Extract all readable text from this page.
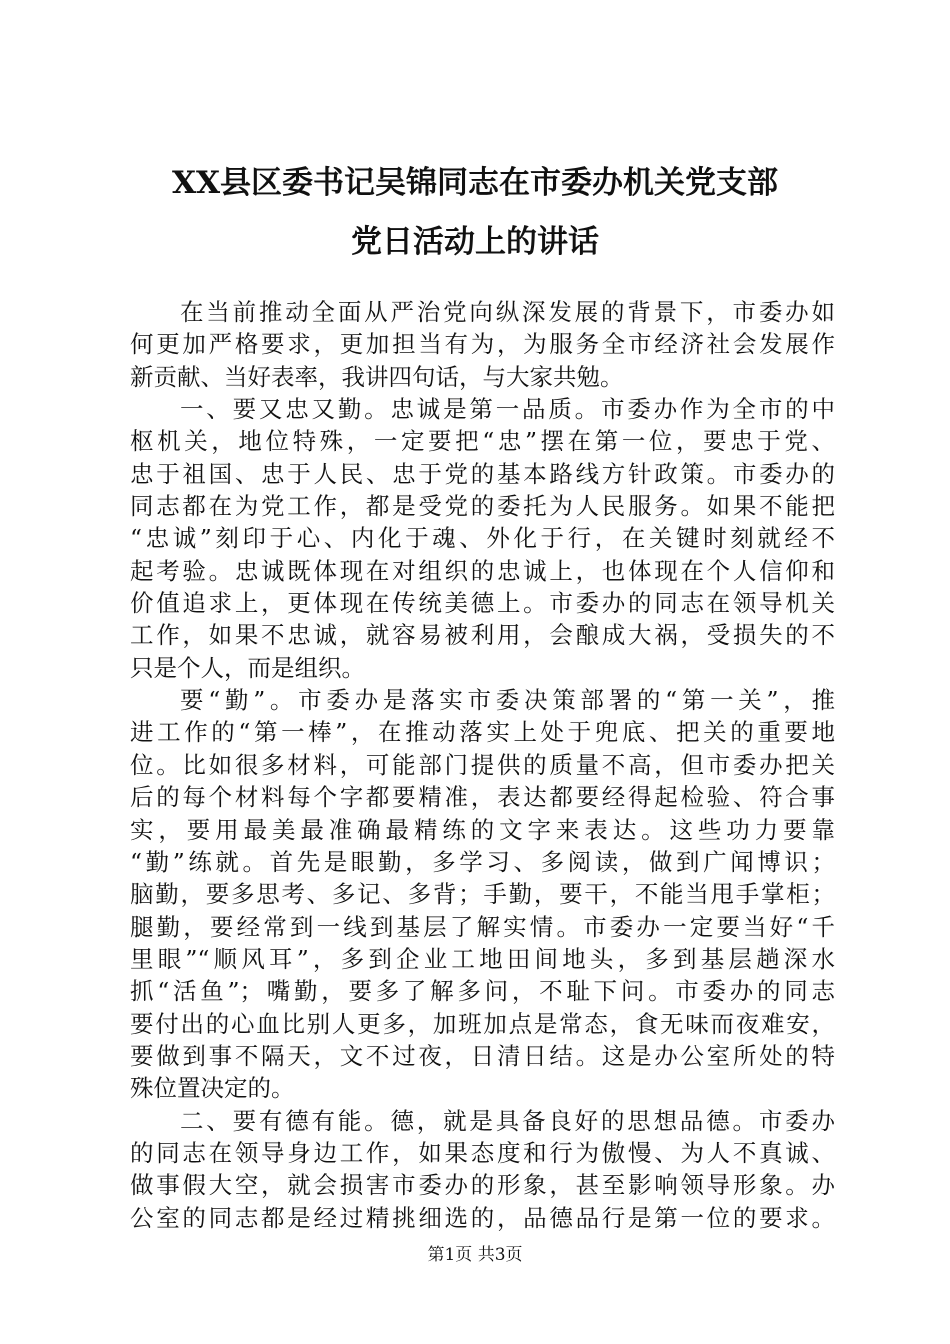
XX县区委书记吴锦同志在市委办机关党支部
党日活动上的讲话
在当前推动全面从严治党向纵深发展的背景下，市委办如
何更加严格要求，更加担当有为，为服务全市经济社会发展作
新贡献、当好表率，我讲四句话，与大家共勉。
一、要又忠又勤。忠诚是第一品质。市委办作为全市的中
枢机关，地位特殊，一定要把“忠”摆在第一位，要忠于党、
忠于祖国、忠于人民、忠于党的基本路线方针政策。市委办的
同志都在为党工作，都是受党的委托为人民服务。如果不能把
“忠诚”刻印于心、内化于魂、外化于行，在关键时刻就经不
起考验。忠诚既体现在对组织的忠诚上，也体现在个人信仰和
价值追求上，更体现在传统美德上。市委办的同志在领导机关
工作，如果不忠诚，就容易被利用，会酿成大祸，受损失的不
只是个人，而是组织。
要“勤”。市委办是落实市委决策部署的“第一关”，推
进工作的“第一棒”，在推动落实上处于兜底、把关的重要地
位。比如很多材料，可能部门提供的质量不高，但市委办把关
后的每个材料每个字都要精准，表达都要经得起检验、符合事
实，要用最美最准确最精练的文字来表达。这些功力要靠
“勤”练就。首先是眼勤，多学习、多阅读，做到广闻博识；
脑勤，要多思考、多记、多背；手勤，要干，不能当甩手掌柜；
腿勤，要经常到一线到基层了解实情。市委办一定要当好“千
里眼”“顺风耳”，多到企业工地田间地头，多到基层趟深水
抓“活鱼”；嘴勤，要多了解多问，不耻下问。市委办的同志
要付出的心血比别人更多，加班加点是常态，食无味而夜难安，
要做到事不隔天，文不过夜，日清日结。这是办公室所处的特
殊位置决定的。
二、要有德有能。德，就是具备良好的思想品德。市委办
的同志在领导身边工作，如果态度和行为傲慢、为人不真诚、
做事假大空，就会损害市委办的形象，甚至影响领导形象。办
公室的同志都是经过精挑细选的，品德品行是第一位的要求。
第1页 共3页
